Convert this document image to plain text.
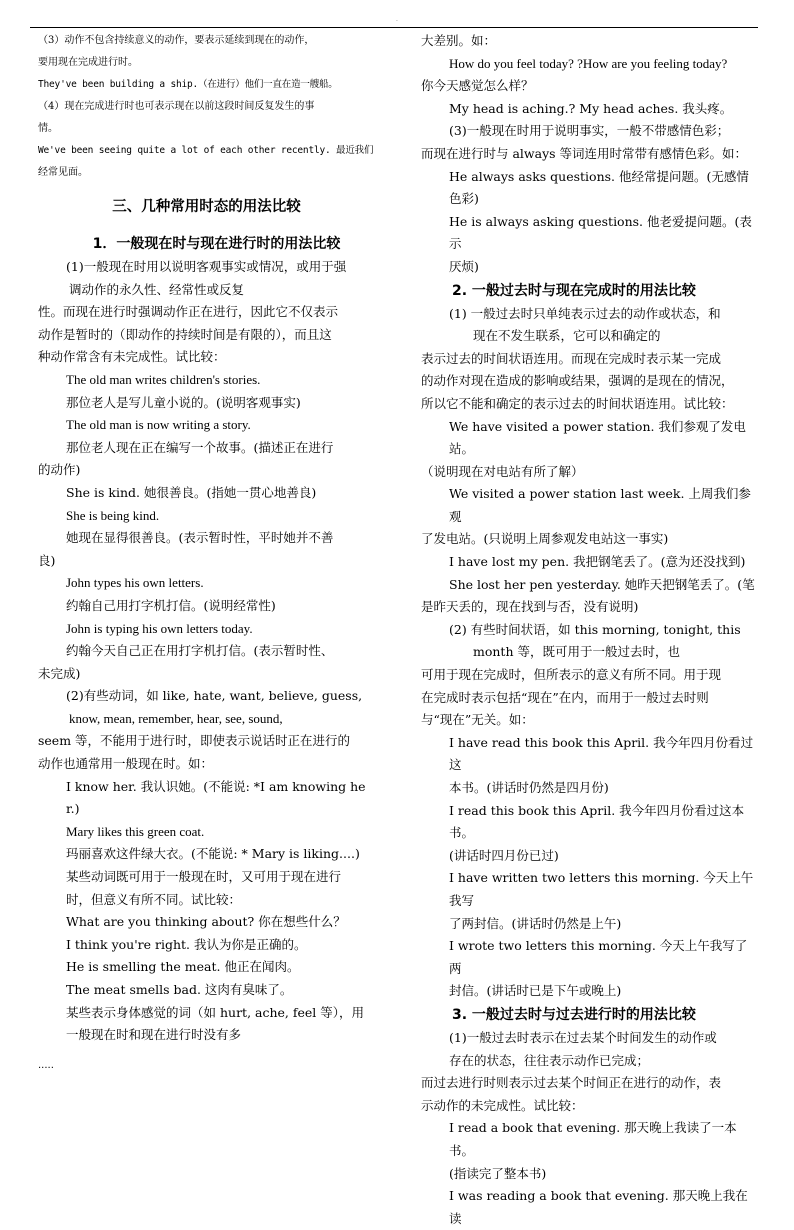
.

（3）动作不包含持续意义的动作，要表示延续到现在的动作，

要用现在完成进行时。

They've been building a ship.（在进行）他们一直在造一艘船。

（4）现在完成进行时也可表示现在以前这段时间反复发生的事

情。

We've been seeing quite a lot of each other recently. 最近我们

经常见面。

三、几种常用时态的用法比较
1．一般现在时与现在进行时的用法比较

(1)一般现在时用以说明客观事实或情况，或用于强

调动作的永久性、经常性或反复

性。而现在进行时强调动作正在进行，因此它不仅表示

动作是暂时的（即动作的持续时间是有限的），而且这

种动作常含有未完成性。试比较：

The old man writes children's stories.

那位老人是写儿童小说的。(说明客观事实)

The old man is now writing a story.

那位老人现在正在编写一个故事。(描述正在进行

的动作)

She is kind. 她很善良。(指她一贯心地善良)

She is being kind.

她现在显得很善良。(表示暂时性，平时她并不善

良)

John types his own letters.

约翰自己用打字机打信。(说明经常性)

John is typing his own letters today.

约翰今天自己正在用打字机打信。(表示暂时性、

未完成)

(2)有些动词，如 like, hate, want, believe, guess,

know, mean, remember, hear, see, sound,

seem 等，不能用于进行时，即使表示说话时正在进行的

动作也通常用一般现在时。如：

I know her. 我认识她。(不能说: *I am knowing her.)

Mary likes this green coat.

玛丽喜欢这件绿大衣。(不能说: * Mary is liking....)

某些动词既可用于一般现在时，又可用于现在进行

时，但意义有所不同。试比较：

What are you thinking about? 你在想些什么？

I think you're right. 我认为你是正确的。

He is smelling the meat. 他正在闻肉。

The meat smells bad. 这肉有臭味了。

某些表示身体感觉的词（如 hurt, ache, feel 等），用

一般现在时和现在进行时没有多

大差别。如：

How do you feel today? ?How are you feeling today?

你今天感觉怎么样？

My head is aching.? My head aches. 我头疼。

(3)一般现在时用于说明事实，一般不带感情色彩；

而现在进行时与 always 等词连用时常带有感情色彩。如：

He always asks questions. 他经常提问题。(无感情

色彩)

He is always asking questions. 他老爱提问题。(表示

厌烦)

2. 一般过去时与现在完成时的用法比较

(1) 一般过去时只单纯表示过去的动作或状态，和

现在不发生联系，它可以和确定的

表示过去的时间状语连用。而现在完成时表示某一完成

的动作对现在造成的影响或结果，强调的是现在的情况，

所以它不能和确定的表示过去的时间状语连用。试比较：

We have visited a power station. 我们参观了发电站。

（说明现在对电站有所了解）

We visited a power station last week. 上周我们参观

了发电站。(只说明上周参观发电站这一事实)

I have lost my pen. 我把钢笔丢了。(意为还没找到)

She lost her pen yesterday. 她昨天把钢笔丢了。(笔

是昨天丢的，现在找到与否，没有说明)

(2) 有些时间状语，如 this morning, tonight, this

month 等，既可用于一般过去时，也

可用于现在完成时，但所表示的意义有所不同。用于现

在完成时表示包括“现在”在内，而用于一般过去时则

与“现在”无关。如：

I have read this book this April. 我今年四月份看过这

本书。(讲话时仍然是四月份)

I read this book this April. 我今年四月份看过这本书。

(讲话时四月份已过)

I have written two letters this morning. 今天上午我写

了两封信。(讲话时仍然是上午)

I wrote two letters this morning. 今天上午我写了两

封信。(讲话时已是下午或晚上)

3. 一般过去时与过去进行时的用法比较

(1)一般过去时表示在过去某个时间发生的动作或

存在的状态，往往表示动作已完成；

而过去进行时则表示过去某个时间正在进行的动作，表

示动作的未完成性。试比较：

I read a book that evening. 那天晚上我读了一本书。

(指读完了整本书)

I was reading a book that evening. 那天晚上我在读

.....
